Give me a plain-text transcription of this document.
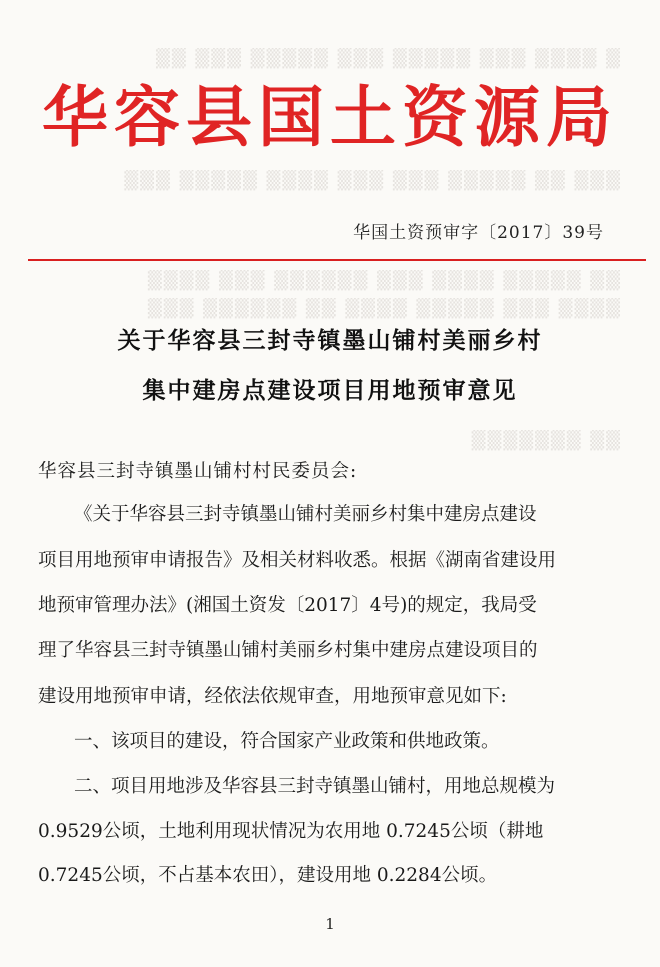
▒ ▒▒▒▒ ▒▒▒ ▒▒▒▒▒ ▒▒▒ ▒▒▒▒▒ ▒▒▒ ▒▒
▒▒▒ ▒▒ ▒▒▒▒▒ ▒▒▒ ▒▒▒ ▒▒▒▒ ▒▒▒▒▒ ▒▒▒
▒▒ ▒▒▒▒▒ ▒▒▒▒ ▒▒▒ ▒▒▒▒▒▒ ▒▒▒ ▒▒▒▒
▒▒▒▒ ▒▒▒ ▒▒▒▒▒ ▒▒▒▒ ▒▒ ▒▒▒▒▒▒ ▒▒▒
▒▒ ▒▒▒▒▒▒▒
华容县国土资源局
华国土资预审字〔2017〕39号
关于华容县三封寺镇墨山铺村美丽乡村
集中建房点建设项目用地预审意见
华容县三封寺镇墨山铺村村民委员会:
《关于华容县三封寺镇墨山铺村美丽乡村集中建房点建设
项目用地预审申请报告》及相关材料收悉。根据《湖南省建设用
地预审管理办法》(湘国土资发〔2017〕4号)的规定，我局受
理了华容县三封寺镇墨山铺村美丽乡村集中建房点建设项目的
建设用地预审申请，经依法依规审查，用地预审意见如下:
一、该项目的建设，符合国家产业政策和供地政策。
二、项目用地涉及华容县三封寺镇墨山铺村，用地总规模为
0.9529公顷，土地利用现状情况为农用地 0.7245公顷（耕地
0.7245公顷，不占基本农田），建设用地 0.2284公顷。
1
